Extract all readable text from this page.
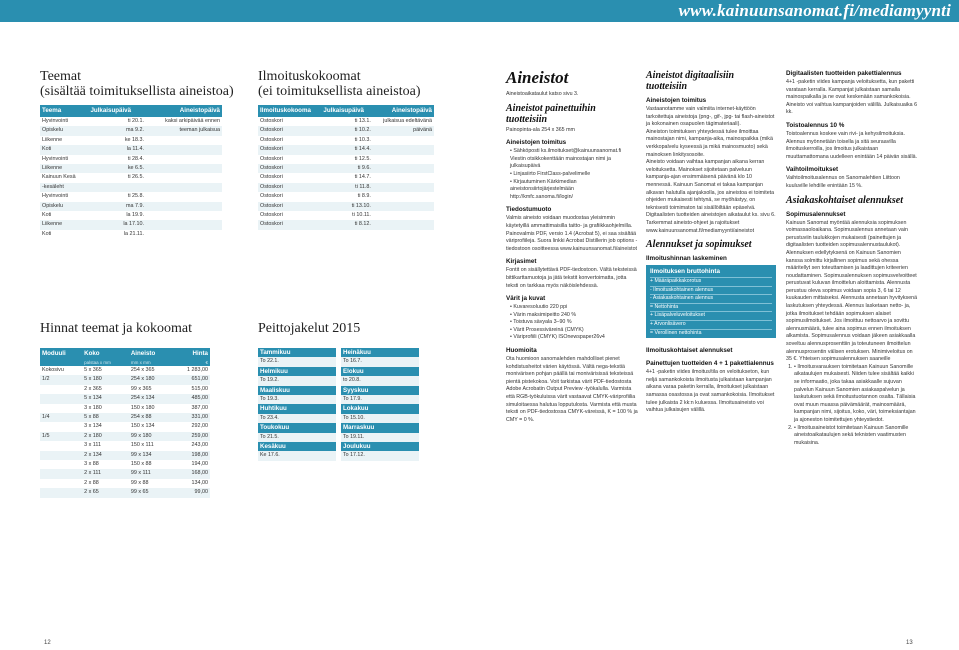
www.kainuunsanomat.fi/mediamyynti
Teemat
(sisältää toimituksellista aineistoa)
Teema	Julkaisupäivä	Aineistopäivä
Hyvinvointi	ti 20.1.	kaksi arkipäivää ennen
Opiskelu	ma 9.2.	teeman julkaisua
Liikenne	ke 18.3.	
Koti	la 11.4.	
Hyvinvointi	ti 28.4.	
Liikenne	ke 6.5.	
Kainuun Kesä	ti 26.5.	
-kesäleht		
Hyvinvointi	ti 25.8.	
Opiskelu	ma 7.9.	
Koti	la 19.9.	
Liikenne	la 17.10.	
Koti	la 21.11.	
Ilmoituskokoomat
(ei toimituksellista aineistoa)
Ilmoituskokooma	Julkaisupäivä	Aineistopäivä
Ostoskori	ti 13.1.	julkaisua edeltävänä
Ostoskori	ti 10.2.	päivänä
Ostoskori	ti 10.3.	
Ostoskori	ti 14.4.	
Ostoskori	ti 12.5.	
Ostoskori	ti 9.6.	
Ostoskori	ti 14.7.	
Ostoskori	ti 11.8.	
Ostoskori	ti 8.9.	
Ostoskori	ti 13.10.	
Ostoskori	ti 10.11.	
Ostoskori	ti 8.12.	
Hinnat teemat ja kokoomat
Moduuli	Koko	Aineisto	Hinta
	palstaa x mm	mm x mm	€
Kokosivu	5 x 365	254 x 365	1 283,00
1/2	5 x 180	254 x 180	651,00
	2 x 365	99 x 365	515,00
	5 x 134	254 x 134	485,00
	3 x 180	150 x 180	387,00
1/4	5 x 88	254 x 88	331,00
	3 x 134	150 x 134	292,00
1/5	2 x 180	99 x 180	259,00
	3 x 111	150 x 111	243,00
	2 x 134	99 x 134	198,00
	3 x 88	150 x 88	194,00
	2 x 111	99 x 111	168,00
	2 x 88	99 x 88	134,00
	2 x 65	99 x 65	99,00
Peittojakelut 2015
Tammikuu
To 22.1.
Helmikuu
To 19.2.
Maaliskuu
To 19.3.
Huhtikuu
To 23.4.
Toukokuu
To 21.5.
Kesäkuu
Ke 17.6.
Heinäkuu
To 16.7.
Elokuu
to 20.8.
Syyskuu
To 17.9.
Lokakuu
To 15.10.
Marraskuu
To 19.11.
Joulukuu
To 17.12.
Aineistot

Aineistoaikataulut katso sivu 3.

Aineistot painettuihin tuotteisiin

Painopinta-ala 254 x 365 mm

Aineistojen toimitus
• Sähköposti ks.ilmoitukset@kainuunsanomat.fi Viestin otsikkokenttään mainostajan nimi ja julkaisupäivä
• Linjasiirto FirstClass-palvelimelle
• Kirjautuminen Kärkimedian aineistonsiirtojärjestelmään http://kmfc.sanoma.fi/login/
Tiedostumuoto

Valmis aineisto voidaan muodostaa yleisimmin käytetyillä ammattimaisilla taitto- ja grafiikkaohjelmilla. Painovalmis PDF, versio 1.4 (Acrobat 5), ei saa sisältää väriprofiileja. Suora linkki Acrobat Distillerin job options -tiedostoon osoitteessa www.kainuunsanomat.fi/aineistot

Kirjasimet

Fontit on sisällytettävä PDF-tiedostoon. Vältä teksteissä bittikarttamuotoja ja jätä tekstit konvertoimatta, jotta teksti on tarkkaa myös näköislehdessä.

Värit ja kuvat
• Kuvaresoluutio 220 ppi
• Värin maksimipeitto 240 %
• Toistuva sävyala 3–90 %
• Värit Prosessiväreinä (CMYK)
• Väriprofiili (CMYK) ISOnewspaper26v4
Huomioita

Ota huomioon sanomalehden mahdolliset pienet kohdistusheitot värien käytössä. Vältä nega-tekstiä monivärisen pohjan päällä tai monivärisissä teksteissä pientä pistekokoa. Voit tarkistaa värit PDF-tiedostosta Adobe Acrobatin Output Preview -työkalulla. Varmista että RGB-työkuluissa värit vastaavat CMYK-väriprofiilia simuloitaessa halutua lopputulosta. Varmista että musta teksti on PDF-tiedostossa CMYK-väreissä, K = 100 % ja CMY = 0 %.

Aineistot digitaalisiin tuotteisiin
Aineistojen toimitus

Vastaanotamme vain valmiita internet-käyttöön tarkoitettuja aineistoja (png-, gif-, jpg- tai flash-aineistot ja kokonainen osapuolen tägimateriaali).

Aineiston toimituksen yhteydessä tulee ilmoittaa mainostajan nimi, kampanja-aika, mainospaikka (mikä verkkopalvelu kyseessä ja mikä mainosmuoto) sekä mainoksen linkitysosoite.

Aineisto voidaan vaihtaa kampanjan aikana kerran veloituksetta. Mainokset sijoitetaan palveluun kampanja-ajan ensimmäisenä päivänä klo 10 mennessä. Kainuun Sanomat ei takaa kampanjan alkavan halutulla ajanjaksolla, jos aineistoa ei toimiteta ohjeiden mukaisesti tehtynä, se myöhästyy, on teknisesti toimimaton tai sisällöiltään epäselvä.

Digitaalisten tuotteiden aineistojen aikataulut ks. sivu 6.

Tarkemmat aineisto-ohjeet ja rajoitukset www.kainuunsanomat.fi/mediamyynti/aineistot

Alennukset ja sopimukset
Ilmoitushinnan laskeminen
Ilmoituksen bruttohinta
+ Määräpaikkakorotus
- Ilmoituskohtainen alennus
- Asiakaskohtainen alennus
= Nettohinta
+ Lisäpalveluveloitukset
+ Arvonlisävero
= Verollinen nettohinta
Ilmoituskohtaiset alennukset
Painettujen tuotteiden 4 + 1 pakettialennus

4+1 -paketin viides ilmoitus/tila on veloitukseton, kun neljä samankokoista ilmoitusta julkaistaan kampanjan aikana varaa paketin kerralla, ilmoitukset julkaistaan samassa osastossa ja ovat samankokoisia. Ilmoitukset tulee julkaista 2 kk:n kuluessa. Ilmoitusaineisto voi vaihtua julkaisujen välillä.

Digitaalisten tuotteiden pakettialennus

4+1 -paketin viides kampanja veloituksetta, kun paketti varataan kerralla. Kampanjat julkaistaan samalla mainospaikalla ja ne ovat keskenään samankokoisia. Aineisto voi vaihtua kampanjoiden välillä. Julkaisuaika 6 kk.

Toistoalennus 10 %

Toistoalennus koskee vain rivi- ja kehysilmoituksia. Alennus myönnetään toisella ja sitä seuraavilla ilmoituskerroilla, jos ilmoitus julkaistaan muuttamattomana uudelleen enintään 14 päivän sisällä.

Vaihtoilmoitukset

Vaihtoilmoitusalennus on Sanomalehtien Liittoon kuuluville lehdille enintään 15 %.

Asiakaskohtaiset alennukset
Sopimusalennukset

Kainuun Sanomat myöntää alennuksia sopimuksen voimassaoloaikana. Sopimusalennus annetaan vain perustuviin taulukkojen mukaisesti (painettujen ja digitaalisten tuotteiden sopimusalennustaulukot). Alennuksen edellytyksenä on Kainuun Sanomien kanssa solmittu kirjallinen sopimus sekä ohessa määritellyt sen toteuttamisen ja laadittujen kriteerien noudattaminen. Sopimusalennuksen sopimusvelvoitteet perustuvat kuluvan ilmoittelun aloittamista. Alennusta perustuu oleva sopimus voidaan sopia 3, 6 tai 12 kuukauden mittaiseksi. Alennusta annetaan hyvityksenä laskutuksen yhteydessä. Alennus lasketaan netto- ja, jotka ilmoitukset tehdään sopimuksen alaiset sopimusilmoitukset. Jos ilmoittuu nettoarvo ja sovittu alennusmäärä, tulee aina sopimus ennen ilmoituksen alkamista. Sopimusalennus voidaan jäkeen asiakkaalla soveltuu alennusprosenttiin ja toteutuneen ilmoittelun alennusprosentin välisen erotuksen. Minimiveloitus on 35 €. Yhteisen sopimusalennuksen saaneille

• 1. Ilmoitusvarauksen toimitetaan Kainuun Sanomille aikataulujen mukaisesti. Niiden tulee sisältää kaikki se informaatio, joka takaa asiakkaalle sujuvan palvelun Kainuun Sanomien asiakaspalvelun ja laskutuksen sekä ilmoitustuotannon osalta. Tällaisia ovat muun muassa päivämäärät, mainosmäärä, kampanjan nimi, sijoitus, koko, väri, toimeksiantajan ja ajoneston toimitettujen yhteystiedot.
• 2. Ilmoitusaineistot toimitetaan Kainuun Sanomille aineistoaikataulujen sekä teknisten vaatimusten mukaisina.
12	13
